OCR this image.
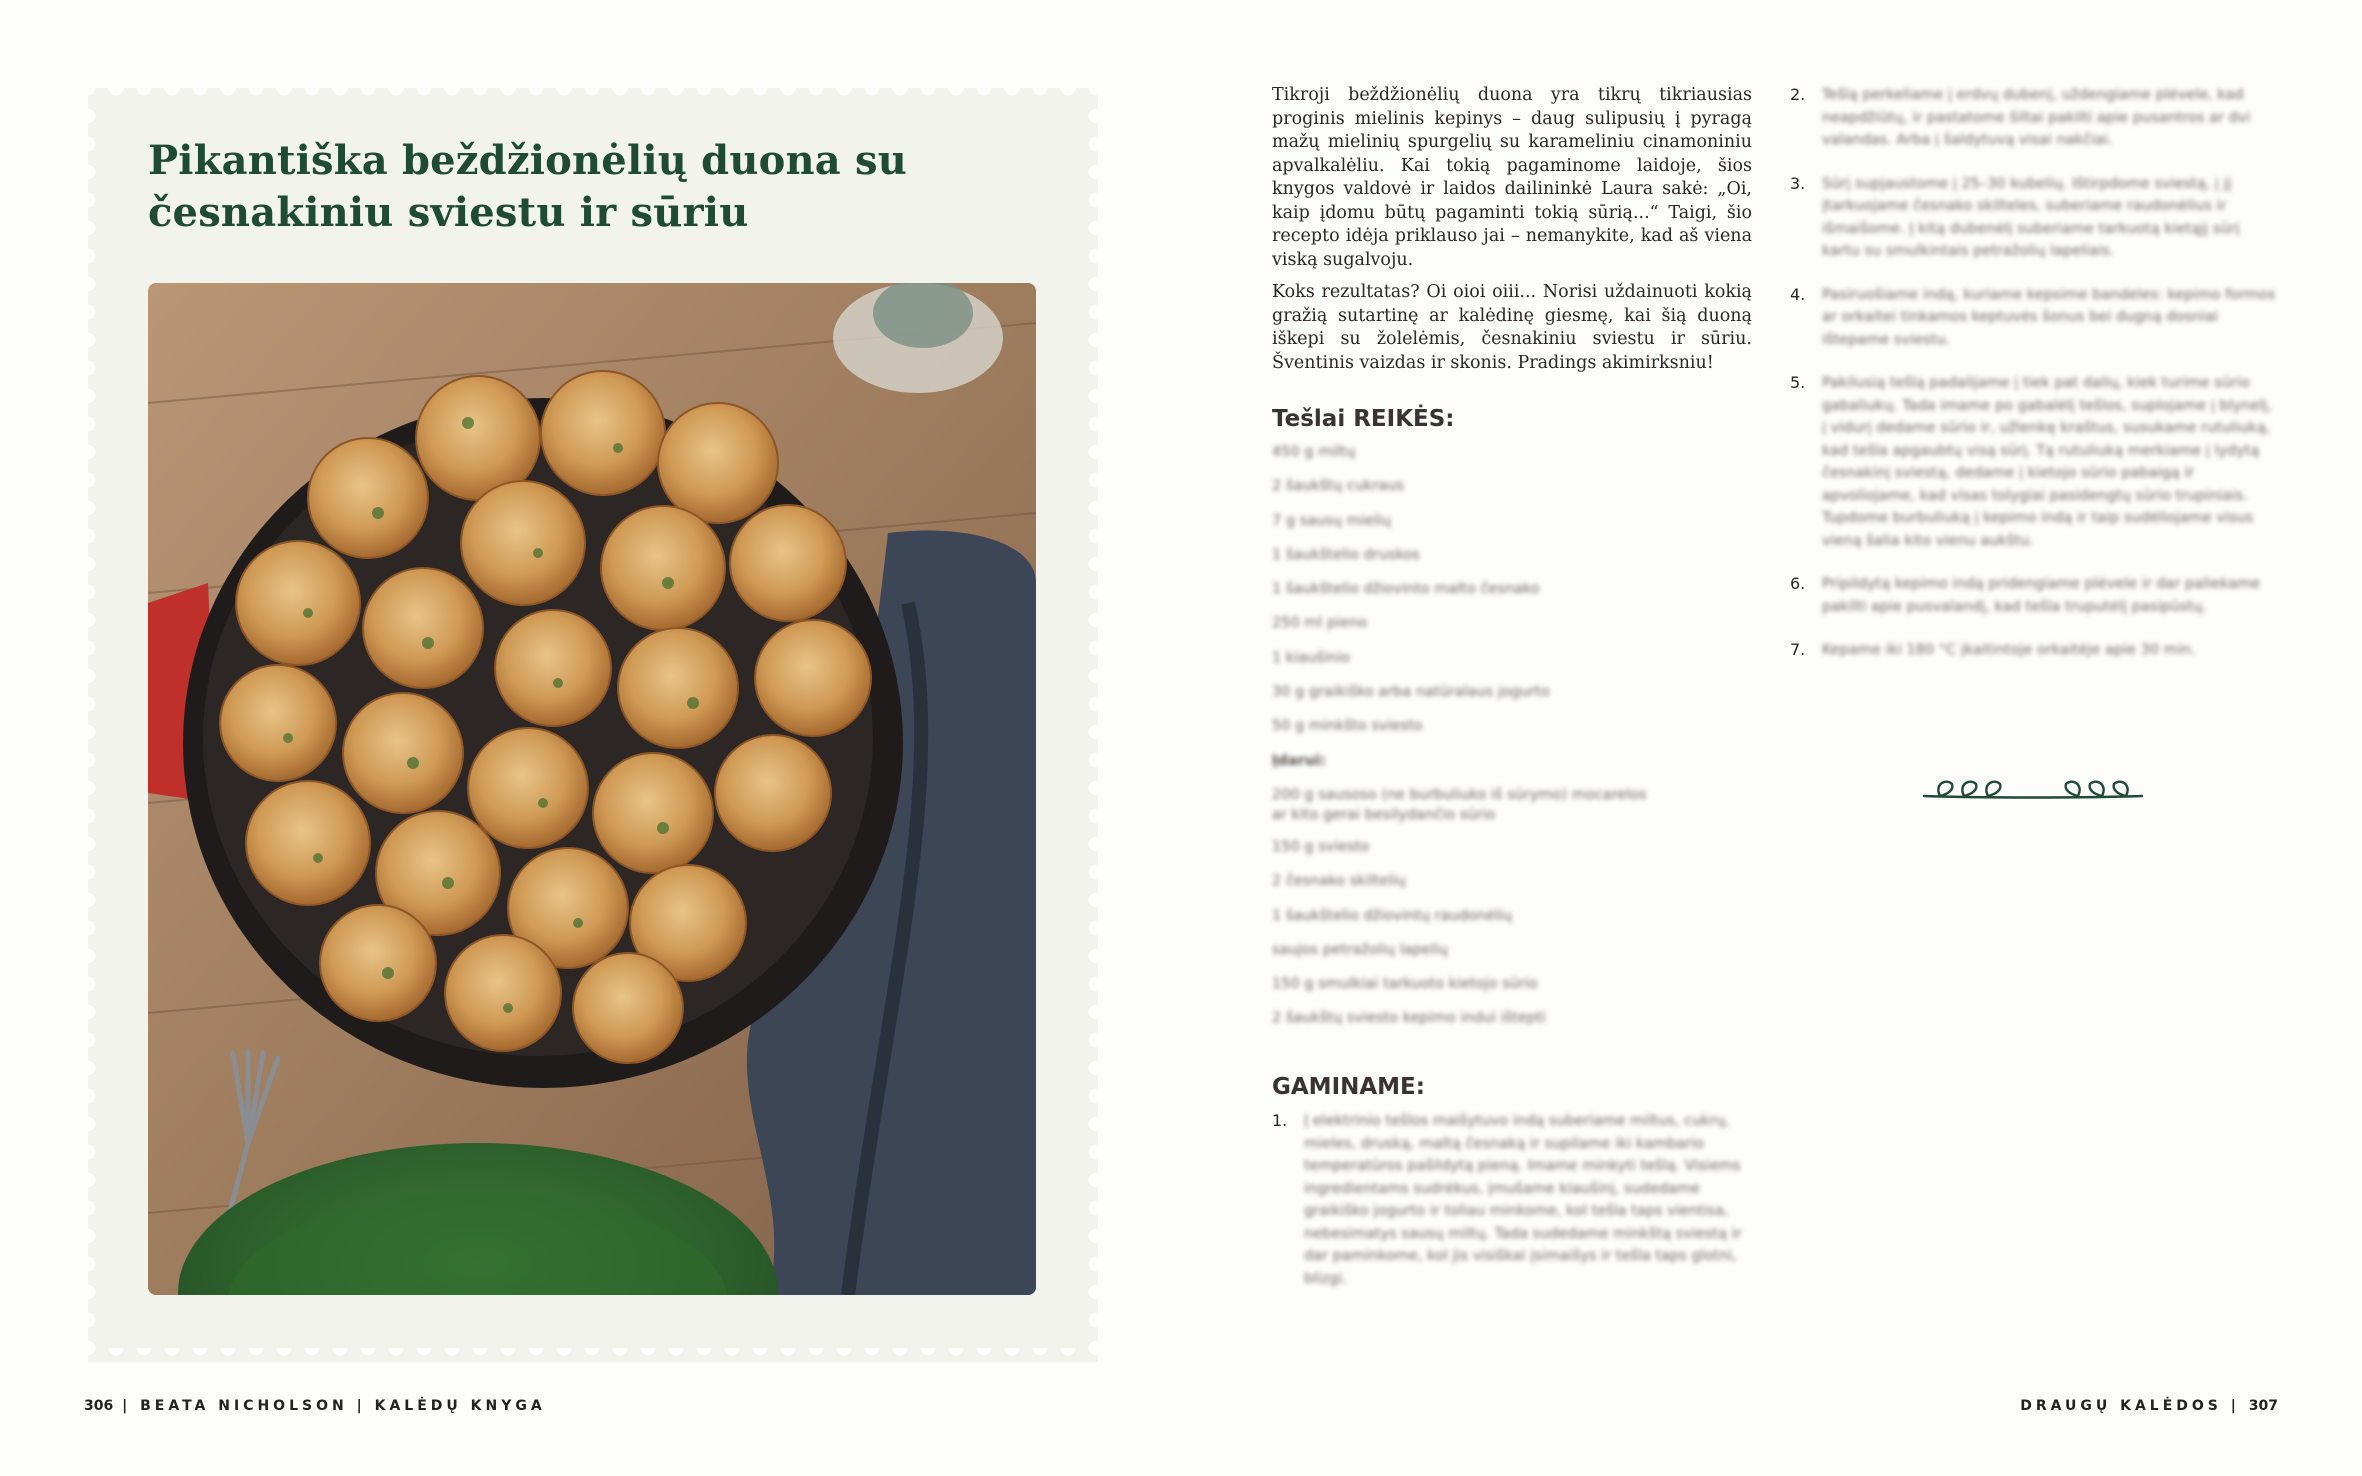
Pikantiška beždžionėlių duona su česnakiniu sviestu ir sūriu
306 | BEATA NICHOLSON | KALĖDŲ KNYGA

Tikroji beždžionėlių duona yra tikrų tikriausias proginis mielinis kepinys – daug sulipusių į pyragą mažų mielinių spurgelių su karameliniu cinamoniniu apvalkalėliu. Kai tokią pagaminome laidoje, šios knygos valdovė ir laidos dailininkė Laura sakė: „Oi, kaip įdomu būtų pagaminti tokią sūrią...“ Taigi, šio recepto idėja priklauso jai – nemanykite, kad aš viena viską sugalvoju.

Koks rezultatas? Oi oioi oiii... Norisi uždainuoti kokią gražią sutartinę ar kalėdinę giesmę, kai šią duoną iškepi su žolelėmis, česnakiniu sviestu ir sūriu. Šventinis vaizdas ir skonis. Pradings akimirksniu!

Tešlai REIKĖS:
450 g miltų
2 šaukštų cukraus
7 g sausų mielių
1 šaukštelio druskos
1 šaukštelio džiovinto malto česnako
250 ml pieno
1 kiaušinio
30 g graikiško arba natūralaus jogurto
50 g minkšto sviesto
Įdarui:
200 g sausoso (ne burbuliuko iš sūrymo) mocarelos ar kito gerai besilydančio sūrio
150 g sviesto
2 česnako skiltelių
1 šaukštelio džiovintų raudonėlių
saujos petražolių lapelių
150 g smulkiai tarkuoto kietojo sūrio
2 šaukštų sviesto kepimo indui ištepti
GAMINAME:
1. Į elektrinio tešlos maišytuvo indą suberiame miltus, cukrų, mieles, druską, maltą česnaką ir supilame iki kambario temperatūros pašildytą pieną. Imame minkyti tešlą. Visiems ingredientams sudrėkus, įmušame kiaušinį, sudedame graikiško jogurto ir toliau minkome, kol tešla taps vientisa, nebesimatys sausų miltų. Tada sudedame minkštą sviestą ir dar paminkome, kol jis visiškai įsimaišys ir tešla taps glotni, blizgi.
2. Tešlą perkeliame į erdvų dubenį, uždengiame plėvele, kad neapdžiūtų, ir pastatome šiltai pakilti apie pusantros ar dvi valandas. Arba į šaldytuvą visai nakčiai.
3. Sūrį supjaustome į 25–30 kubelių. Ištirpdome sviestą, į jį įtarkuojame česnako skilteles, suberiame raudonėlius ir išmaišome. Į kitą dubenėlį suberiame tarkuotą kietąjį sūrį kartu su smulkintais petražolių lapeliais.
4. Pasiruošiame indą, kuriame kepsime bandeles: kepimo formos ar orkaitei tinkamos keptuvės šonus bei dugną dosniai ištepame sviestu.
5. Pakilusią tešlą padalijame į tiek pat dalių, kiek turime sūrio gabaliukų. Tada imame po gabalėlį tešlos, suplojame į blynelį, į vidurį dedame sūrio ir, užlenkę kraštus, susukame rutuliuką, kad tešla apgaubtų visą sūrį. Tą rutuliuką merkiame į lydytą česnakinį sviestą, dedame į kietojo sūrio pabaigą ir apvoliojame, kad visas tolygiai pasidengtų sūrio trupiniais. Tupdome burbuliuką į kepimo indą ir taip sudėliojame visus vieną šalia kito vienu aukštu.
6. Pripildytą kepimo indą pridengiame plėvele ir dar paliekame pakilti apie pusvalandį, kad tešla truputėlį pasipūstų.
7. Kepame iki 180 °C įkaitintoje orkaitėje apie 30 min.
DRAUGŲ KALĖDOS | 307
